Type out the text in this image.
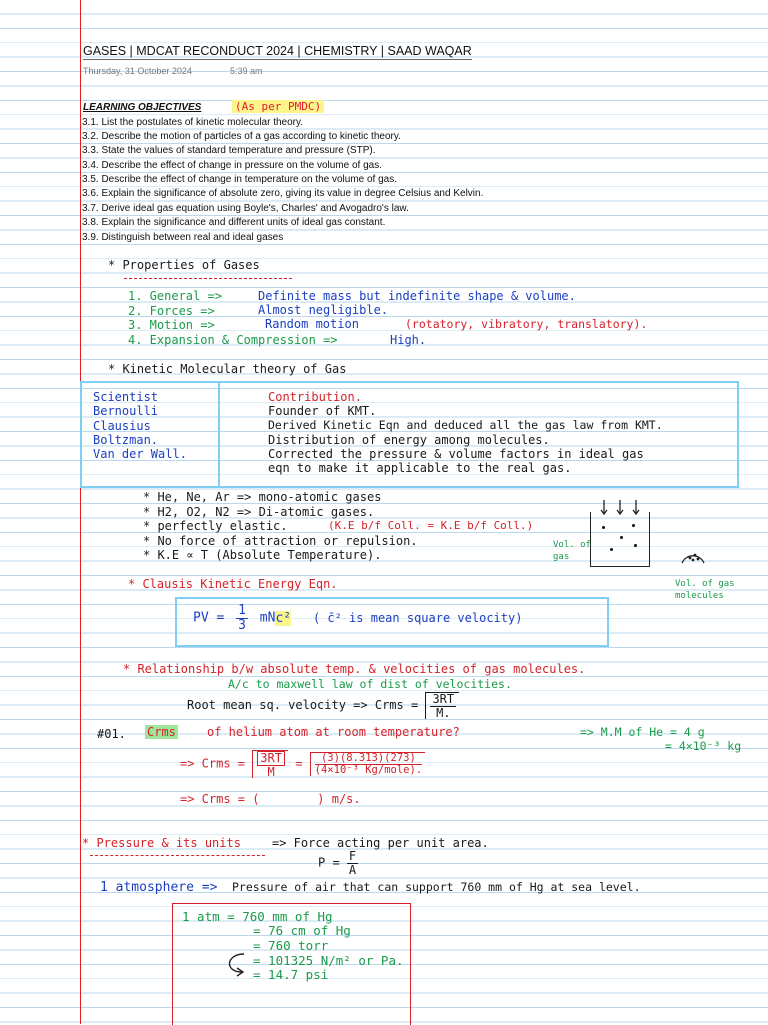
GASES | MDCAT RECONDUCT 2024 | CHEMISTRY | SAAD WAQAR
Thursday, 31 October 2024	5:39 am
LEARNING OBJECTIVES	(As per PMDC)
3.1. List the postulates of kinetic molecular theory.
3.2. Describe the motion of particles of a gas according to kinetic theory.
3.3. State the values of standard temperature and pressure (STP).
3.4. Describe the effect of change in pressure on the volume of gas.
3.5. Describe the effect of change in temperature on the volume of gas.
3.6. Explain the significance of absolute zero, giving its value in degree Celsius and Kelvin.
3.7. Derive ideal gas equation using Boyle's, Charles' and Avogadro's law.
3.8. Explain the significance and different units of ideal gas constant.
3.9. Distinguish between real and ideal gases
* Properties of Gases
1. General =>	Definite mass but indefinite shape & volume.
2. Forces =>	Almost negligible.
3. Motion =>	Random motion	(rotatory, vibratory, translatory).
4. Expansion & Compression =>	High.
* Kinetic Molecular theory of Gas
Scientist	Contribution.
Bernoulli	Founder of KMT.
Clausius	Derived Kinetic Eqn and deduced all the gas law from KMT.
Boltzman.	Distribution of energy among molecules.
Van der Wall.	Corrected the pressure & volume factors in ideal gas
eqn to make it applicable to the real gas.
* He, Ne, Ar => mono-atomic gases
* H2, O2, N2 => Di-atomic gases.
* perfectly elastic.	(K.E b/f Coll. = K.E b/f Coll.)
* No force of attraction or repulsion.
* K.E ∝ T (Absolute Temperature).
Vol. of gas
Vol. of gas molecules
* Clausis Kinetic Energy Eqn.
PV = $\frac{1}{3} mNc^2$ ( c̄² is mean square velocity)
* Relationship b/w absolute temp. & velocities of gas molecules.
A/c to maxwell law of dist of velocities.
Root mean sq. velocity => Crms = $\frac{3RT}{M.}$
#01. Crms	of helium atom at room temperature?	=> M.M of He = 4 g
= 4×10⁻³ kg
=> Crms = $\frac{3RT}{M} = \frac{(3)(8.313)(273)}{\text{(4×10⁻³ Kg/mole).}}$
=> Crms = (        ) m/s.
* Pressure & its units	=> Force acting per unit area.
$P = \frac{F}{A}$
1 atmosphere => Pressure of air that can support 760 mm of Hg at sea level.
1 atm = 760 mm of Hg
= 76 cm of Hg
= 760 torr
= 101325 N/m² or Pa.
= 14.7 psi
